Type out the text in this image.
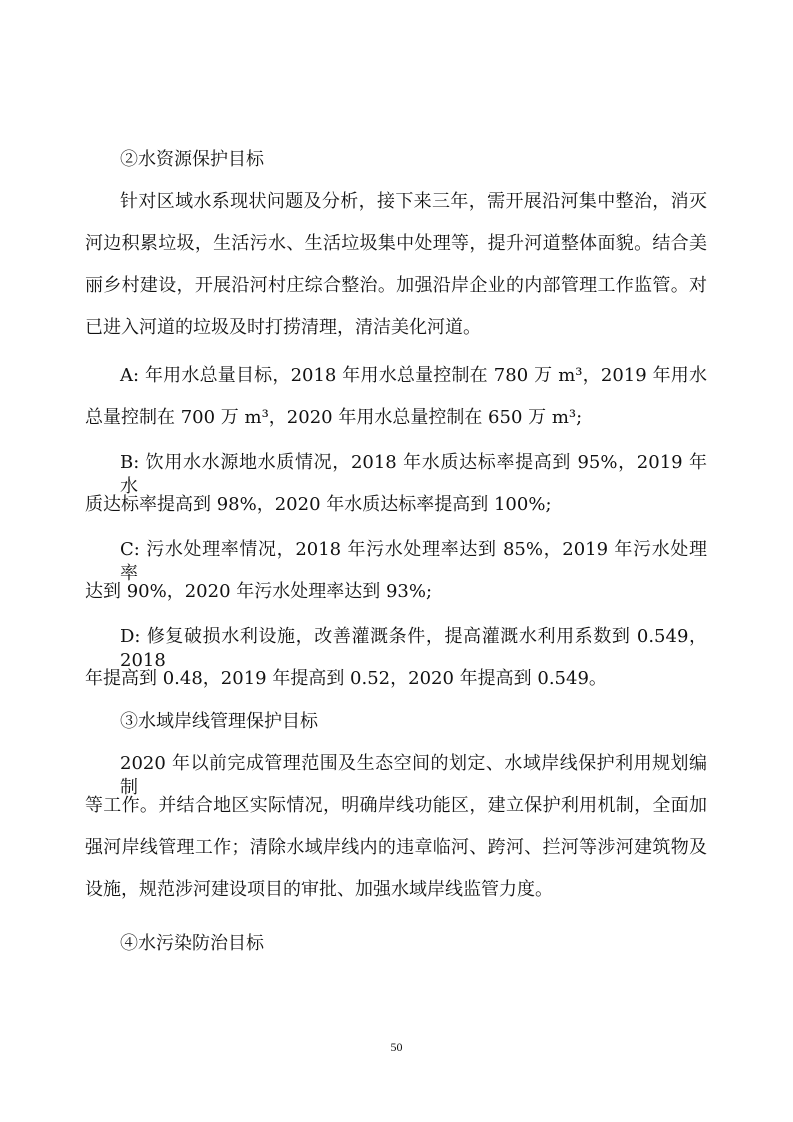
②水资源保护目标
针对区域水系现状问题及分析，接下来三年，需开展沿河集中整治，消灭
河边积累垃圾，生活污水、生活垃圾集中处理等，提升河道整体面貌。结合美
丽乡村建设，开展沿河村庄综合整治。加强沿岸企业的内部管理工作监管。对
已进入河道的垃圾及时打捞清理，清洁美化河道。
A: 年用水总量目标，2018 年用水总量控制在 780 万 m³，2019 年用水
总量控制在 700 万 m³，2020 年用水总量控制在 650 万 m³;
B: 饮用水水源地水质情况，2018 年水质达标率提高到 95%，2019 年水
质达标率提高到 98%，2020 年水质达标率提高到 100%;
C: 污水处理率情况，2018 年污水处理率达到 85%，2019 年污水处理率
达到 90%，2020 年污水处理率达到 93%;
D: 修复破损水利设施，改善灌溉条件，提高灌溉水利用系数到 0.549，2018
年提高到 0.48，2019 年提高到 0.52，2020 年提高到 0.549。
③水域岸线管理保护目标
2020 年以前完成管理范围及生态空间的划定、水域岸线保护利用规划编制
等工作。并结合地区实际情况，明确岸线功能区，建立保护利用机制，全面加
强河岸线管理工作；清除水域岸线内的违章临河、跨河、拦河等涉河建筑物及
设施，规范涉河建设项目的审批、加强水域岸线监管力度。
④水污染防治目标
50
